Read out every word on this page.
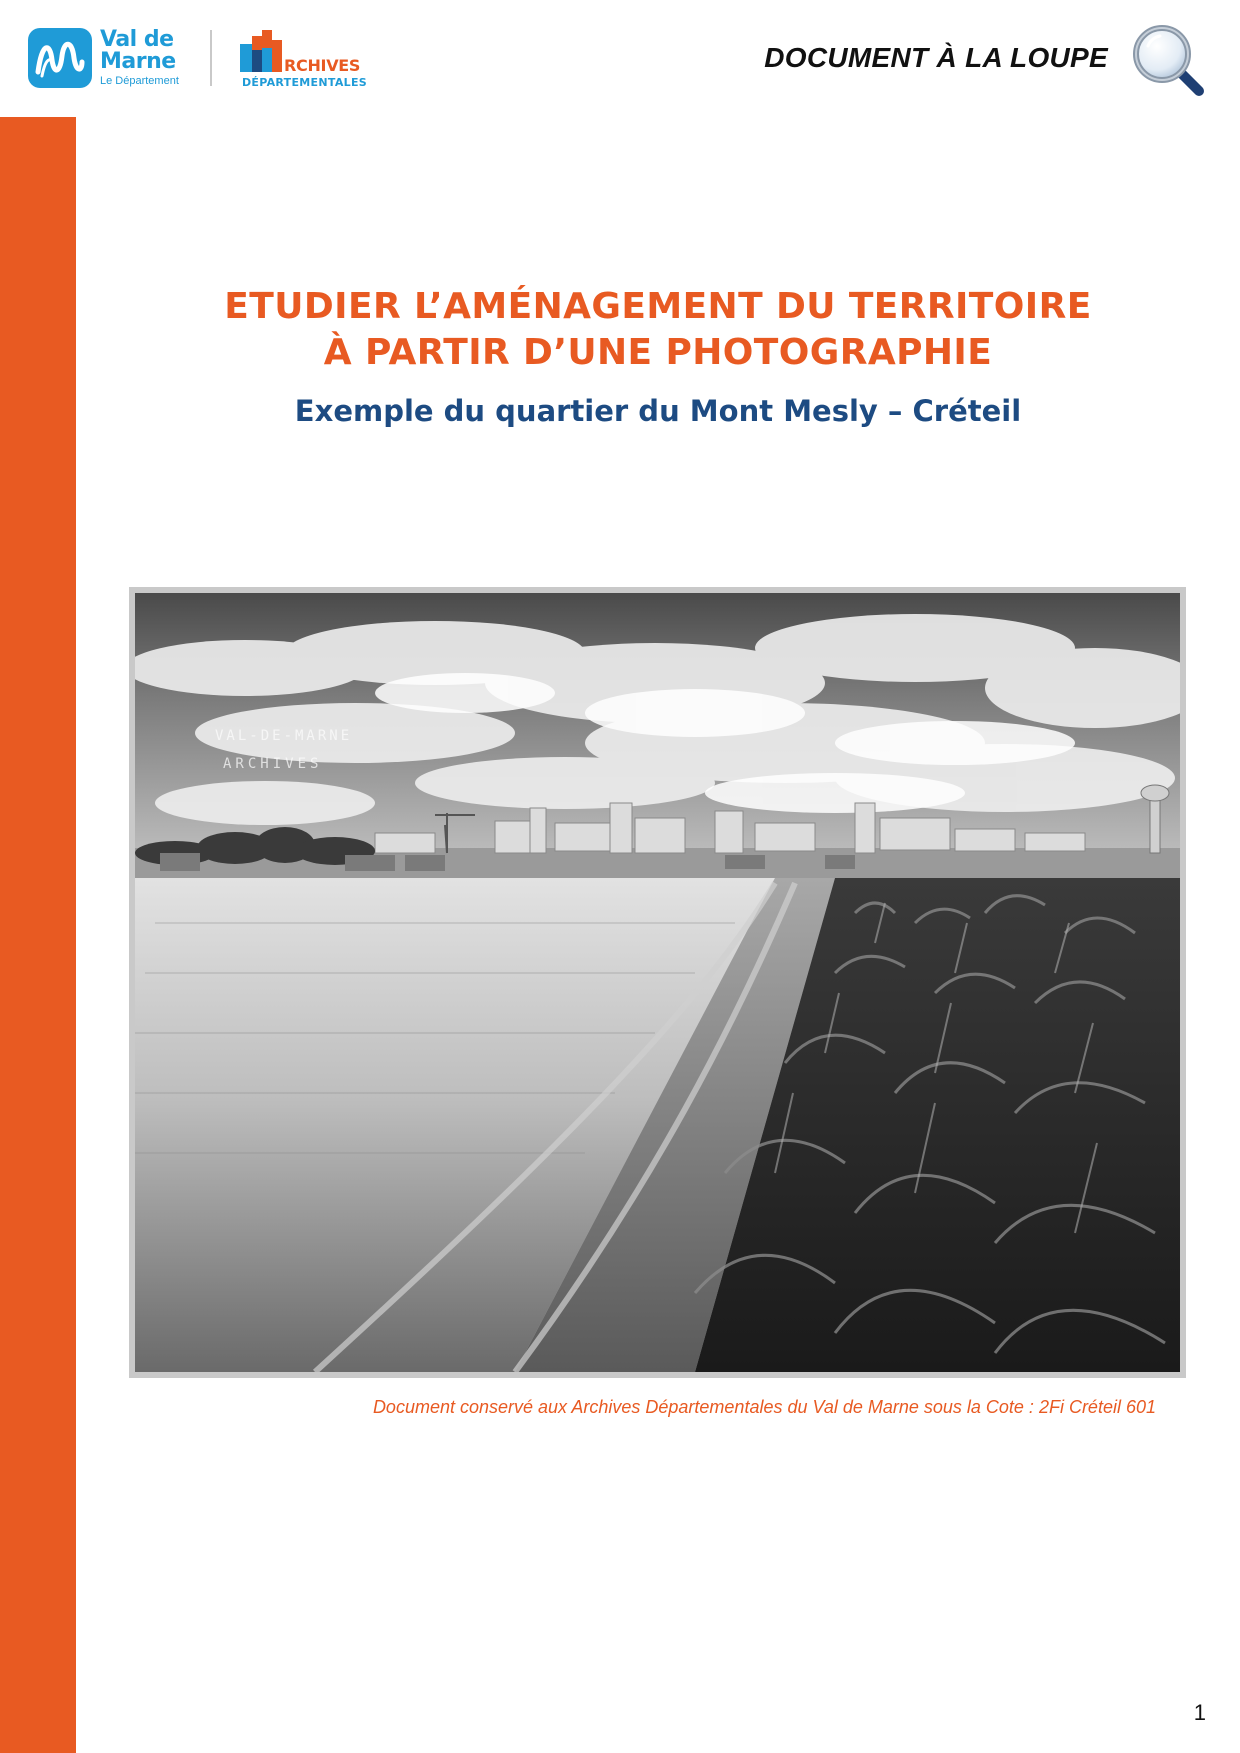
Val de
Marne
Le Département
RCHIVES
DÉPARTEMENTALES
DOCUMENT À LA LOUPE
ETUDIER L’AMÉNAGEMENT DU TERRITOIRE
À PARTIR D’UNE PHOTOGRAPHIE
Exemple du quartier du Mont Mesly – Créteil
VAL-DE-MARNE
ARCHIVES
Document conservé aux Archives Départementales du Val de Marne sous la Cote : 2Fi Créteil 601
1
